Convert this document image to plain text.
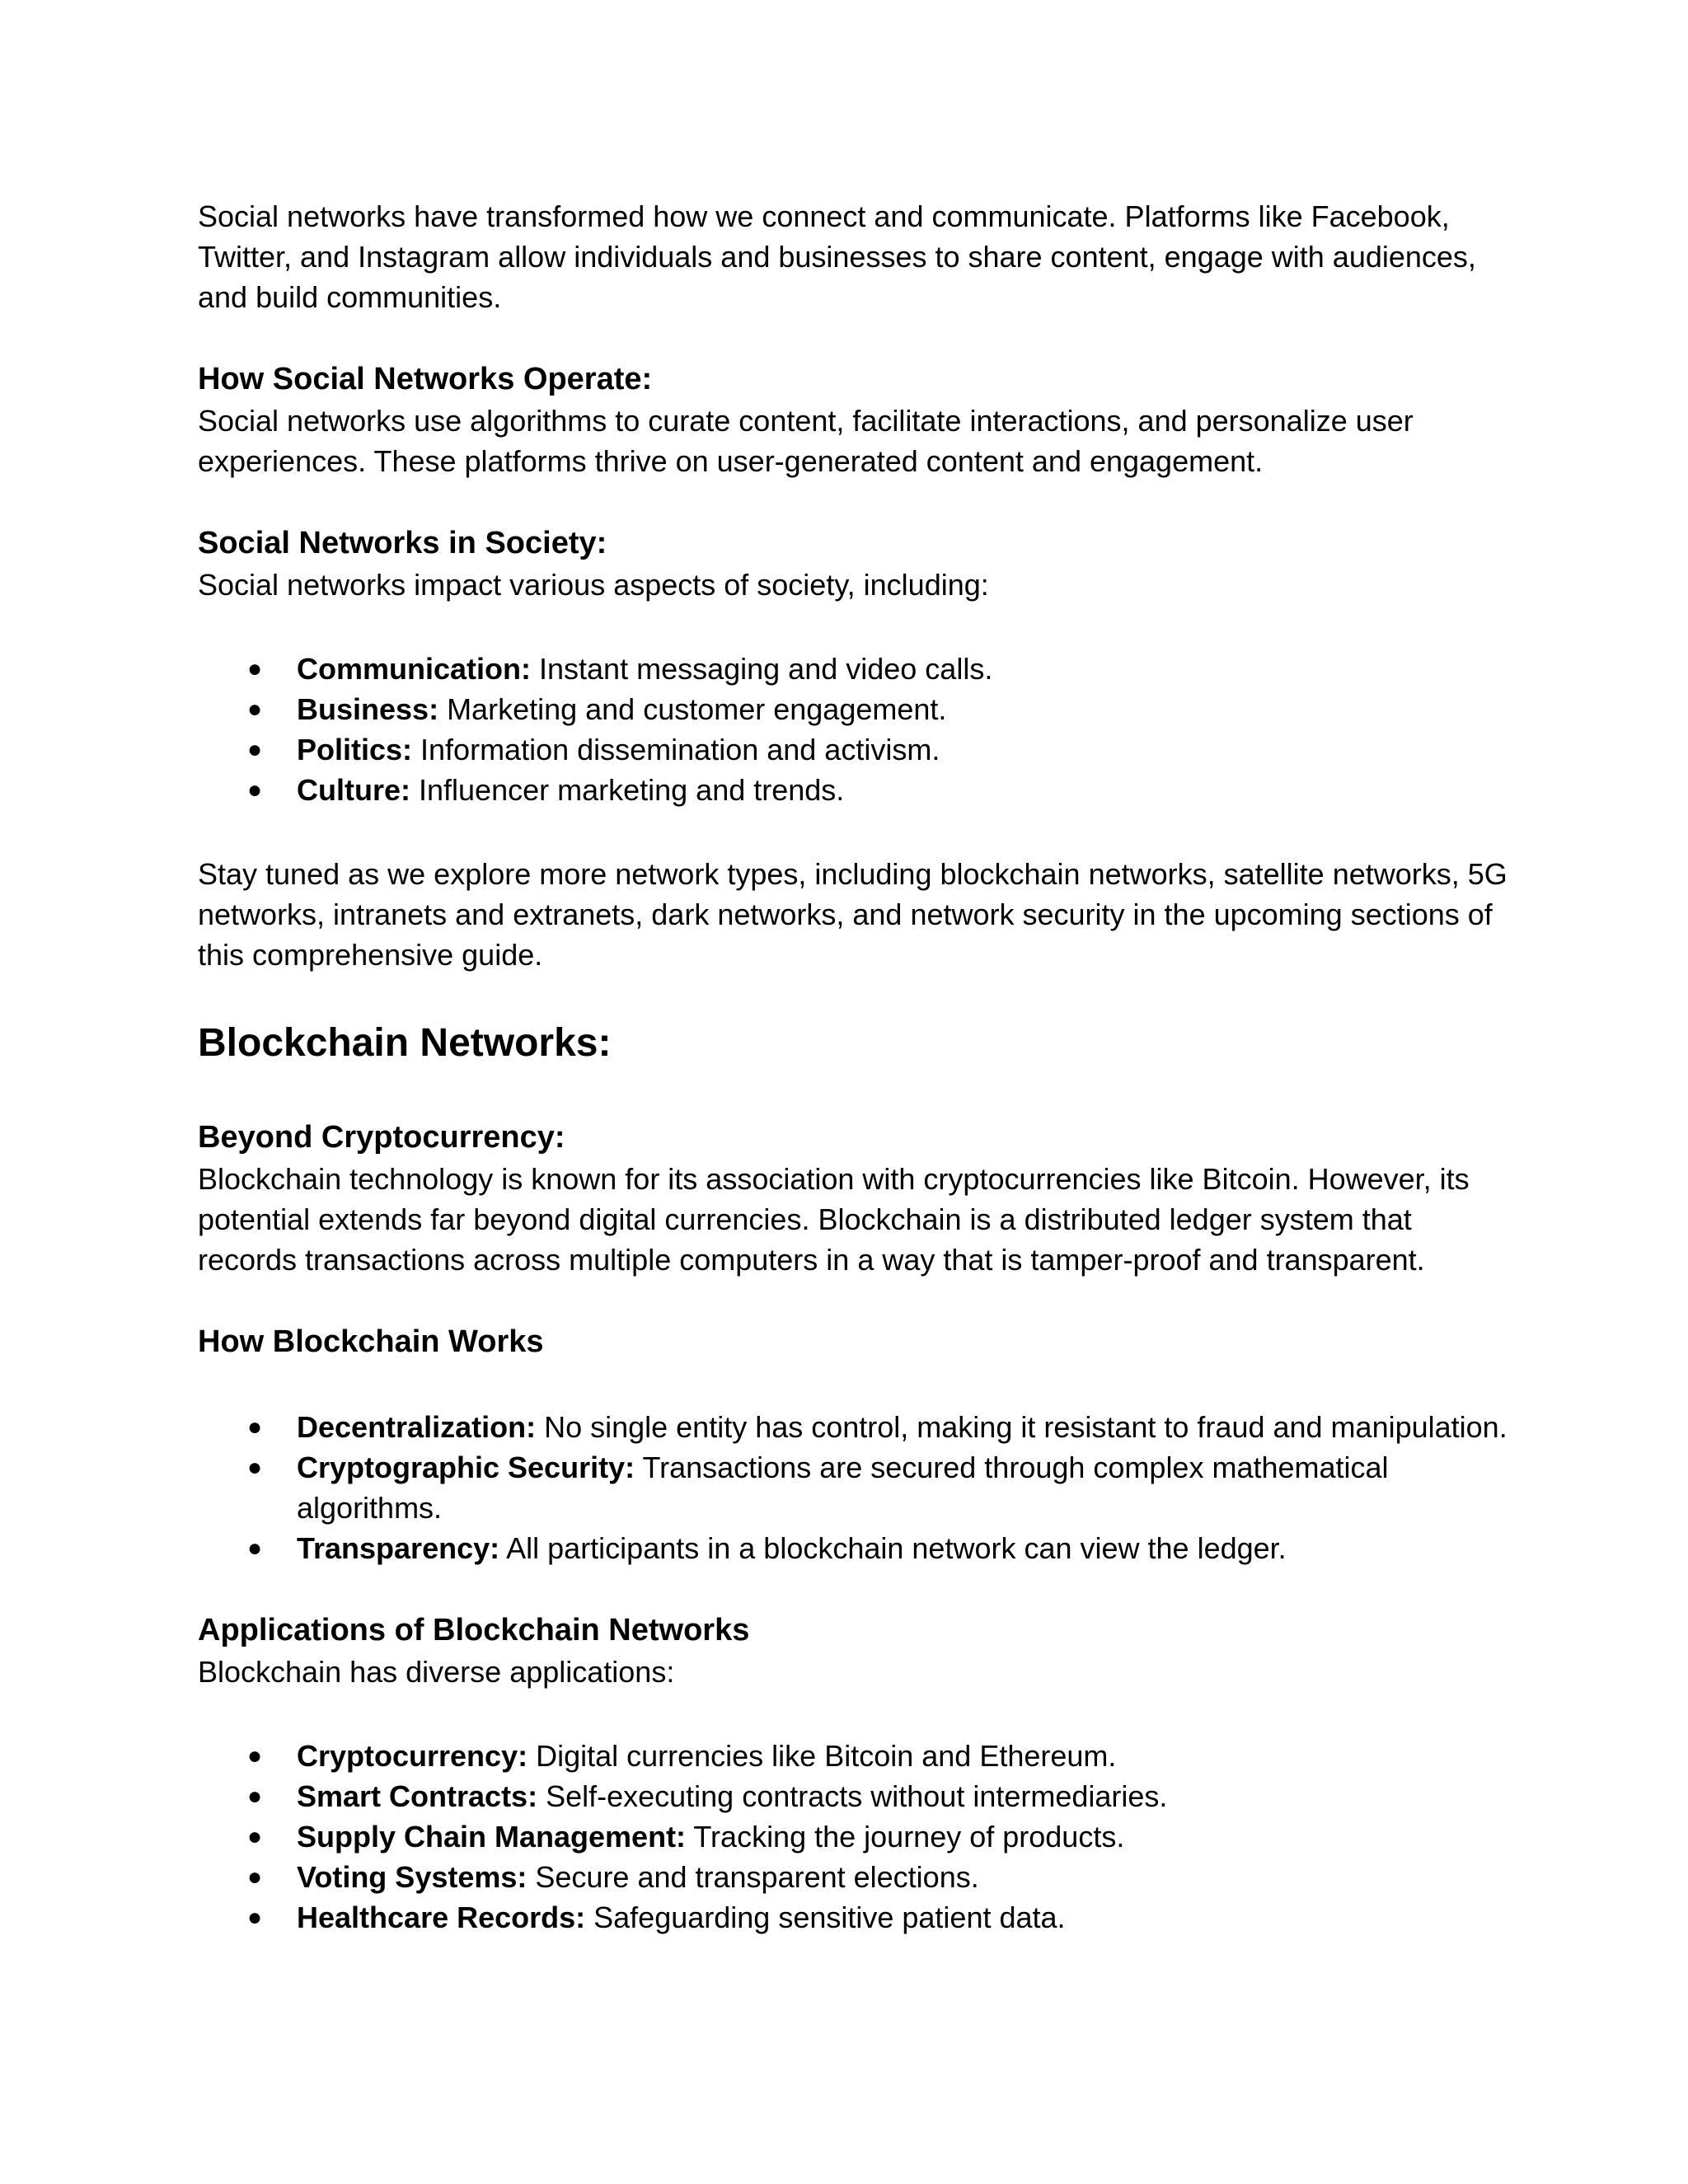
Social networks have transformed how we connect and communicate. Platforms like Facebook, Twitter, and Instagram allow individuals and businesses to share content, engage with audiences, and build communities.

How Social Networks Operate:

Social networks use algorithms to curate content, facilitate interactions, and personalize user experiences. These platforms thrive on user-generated content and engagement.

Social Networks in Society:

Social networks impact various aspects of society, including:

●	Communication: Instant messaging and video calls.
●	Business: Marketing and customer engagement.
●	Politics: Information dissemination and activism.
●	Culture: Influencer marketing and trends.

Stay tuned as we explore more network types, including blockchain networks, satellite networks, 5G networks, intranets and extranets, dark networks, and network security in the upcoming sections of this comprehensive guide.

Blockchain Networks:
Beyond Cryptocurrency:

Blockchain technology is known for its association with cryptocurrencies like Bitcoin. However, its potential extends far beyond digital currencies. Blockchain is a distributed ledger system that records transactions across multiple computers in a way that is tamper-proof and transparent.

How Blockchain Works
●	Decentralization: No single entity has control, making it resistant to fraud and manipulation.
●	Cryptographic Security: Transactions are secured through complex mathematical algorithms.
●	Transparency: All participants in a blockchain network can view the ledger.
Applications of Blockchain Networks

Blockchain has diverse applications:

●	Cryptocurrency: Digital currencies like Bitcoin and Ethereum.
●	Smart Contracts: Self-executing contracts without intermediaries.
●	Supply Chain Management: Tracking the journey of products.
●	Voting Systems: Secure and transparent elections.
●	Healthcare Records: Safeguarding sensitive patient data.
